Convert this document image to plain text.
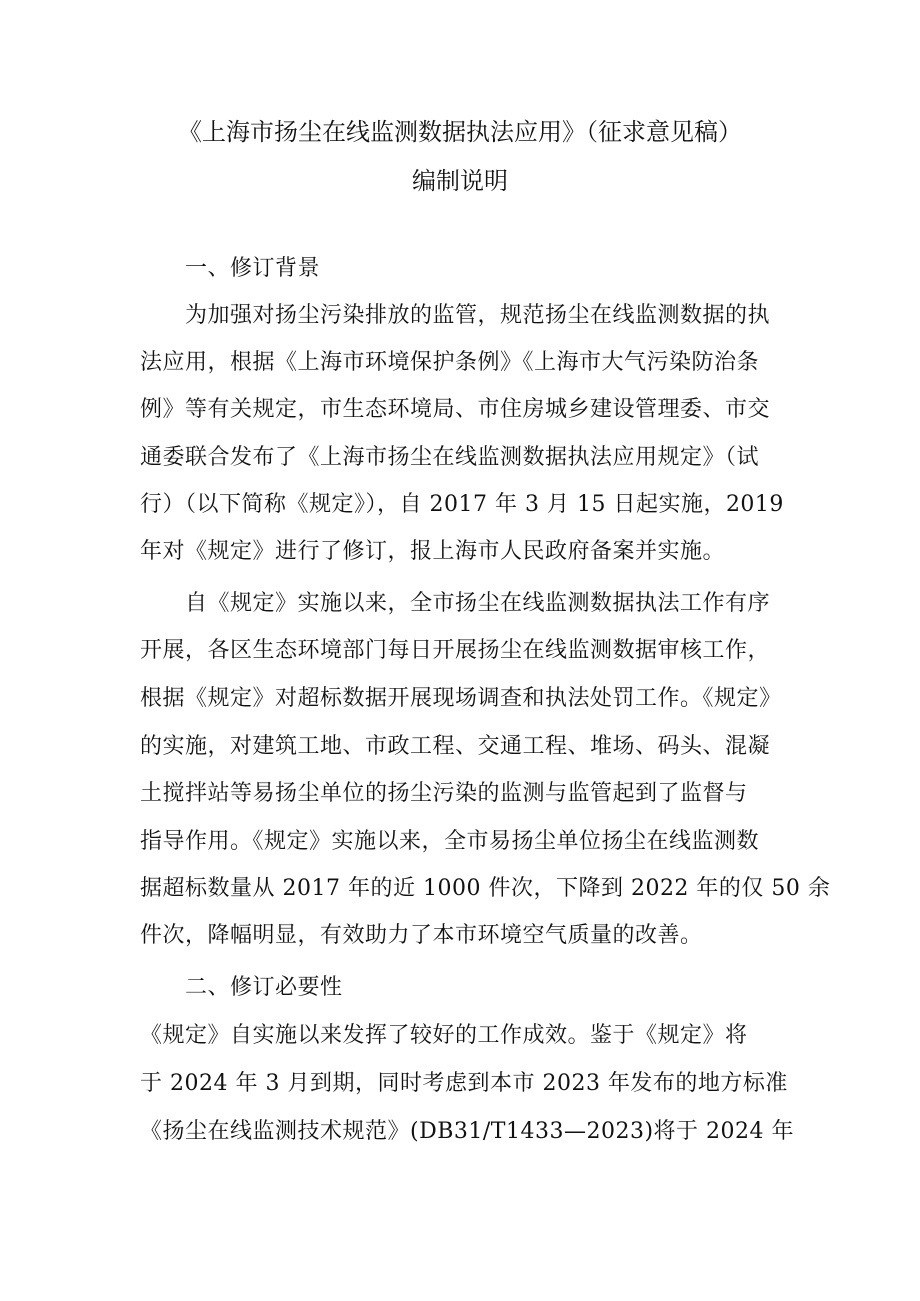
《上海市扬尘在线监测数据执法应用》（征求意见稿）
编制说明
一、修订背景
为加强对扬尘污染排放的监管，规范扬尘在线监测数据的执
法应用，根据《上海市环境保护条例》《上海市大气污染防治条
例》等有关规定，市生态环境局、市住房城乡建设管理委、市交
通委联合发布了《上海市扬尘在线监测数据执法应用规定》（试
行）（以下简称《规定》），自 2017 年 3 月 15 日起实施，2019
年对《规定》进行了修订，报上海市人民政府备案并实施。
自《规定》实施以来，全市扬尘在线监测数据执法工作有序
开展，各区生态环境部门每日开展扬尘在线监测数据审核工作，
根据《规定》对超标数据开展现场调查和执法处罚工作。《规定》
的实施，对建筑工地、市政工程、交通工程、堆场、码头、混凝
土搅拌站等易扬尘单位的扬尘污染的监测与监管起到了监督与
指导作用。《规定》实施以来，全市易扬尘单位扬尘在线监测数
据超标数量从 2017 年的近 1000 件次，下降到 2022 年的仅 50 余
件次，降幅明显，有效助力了本市环境空气质量的改善。
二、修订必要性
《规定》自实施以来发挥了较好的工作成效。鉴于《规定》将
于 2024 年 3 月到期，同时考虑到本市 2023 年发布的地方标准
《扬尘在线监测技术规范》(DB31/T1433—2023)将于 2024 年
